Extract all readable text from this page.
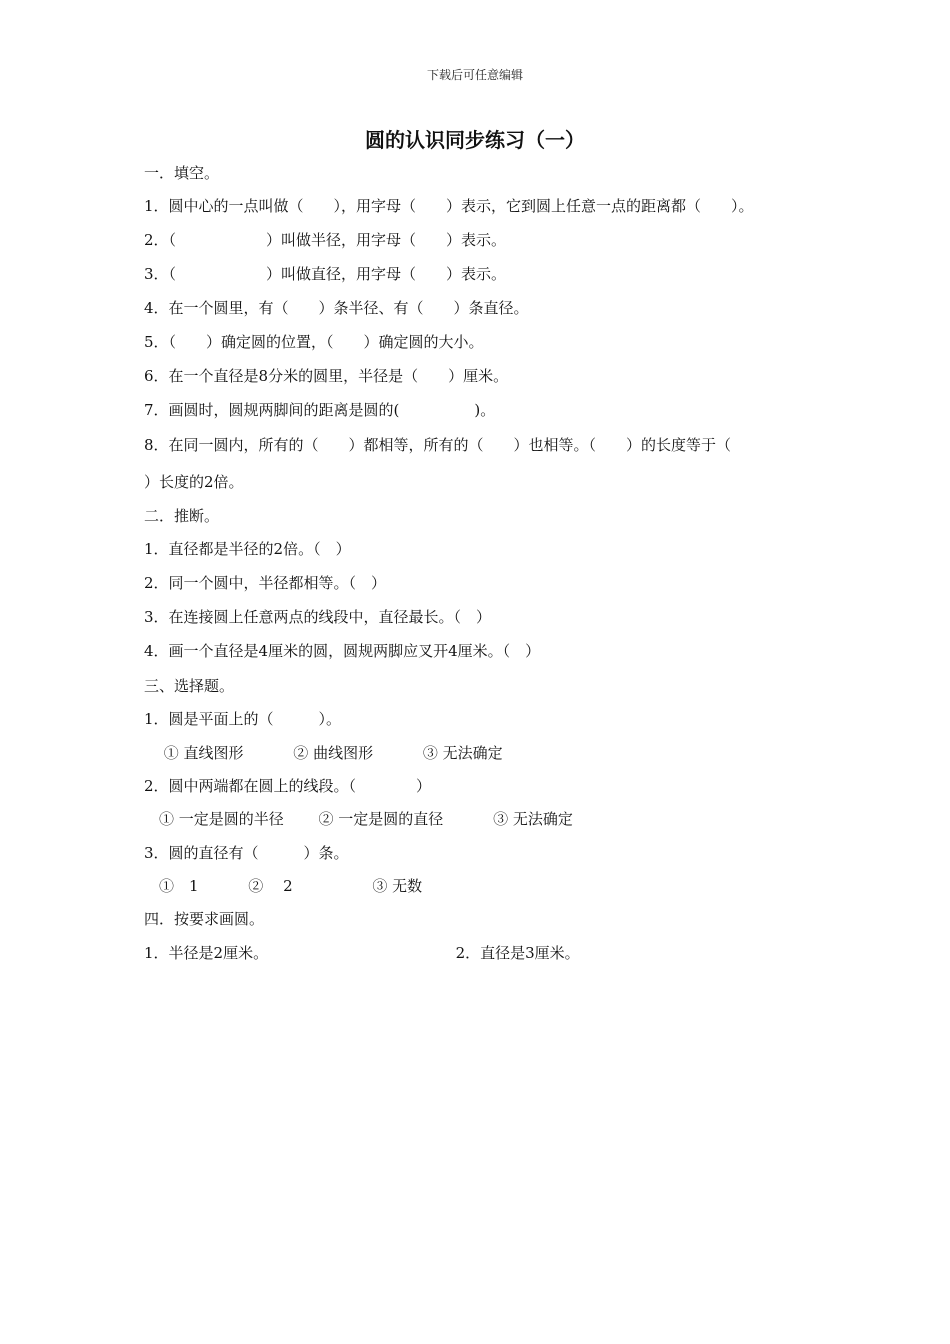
下载后可任意编辑
圆的认识同步练习（一）
一．填空。
1．圆中心的一点叫做（　　），用字母（　　）表示，它到圆上任意一点的距离都（　　）。
2．（　　　　　　）叫做半径，用字母（　　）表示。
3．（　　　　　　）叫做直径，用字母（　　）表示。
4．在一个圆里，有（　　）条半径、有（　　）条直径。
5．（　　）确定圆的位置，（　　）确定圆的大小。
6．在一个直径是8分米的圆里，半径是（　　）厘米。
7．画圆时，圆规两脚间的距离是圆的(　　　　　)。
8．在同一圆内，所有的（　　）都相等，所有的（　　）也相等。（　　）的长度等于（
）长度的2倍。
二．推断。
1．直径都是半径的2倍。（　）
2．同一个圆中，半径都相等。（　）
3．在连接圆上任意两点的线段中，直径最长。（　）
4．画一个直径是4厘米的圆，圆规两脚应叉开4厘米。（　）
三、选择题。
1．圆是平面上的（　　　）。
　 ① 直线图形　　　 ② 曲线图形　　　 ③ 无法确定
2．圆中两端都在圆上的线段。（　　　　）
　① 一定是圆的半径　　 ② 一定是圆的直径　　　 ③ 无法确定
3．圆的直径有（　　　）条。
　①　1　　　 ②　 2　　　　　 ③ 无数
四．按要求画圆。
1．半径是2厘米。　　　　　　　　　　　　　2．直径是3厘米。
